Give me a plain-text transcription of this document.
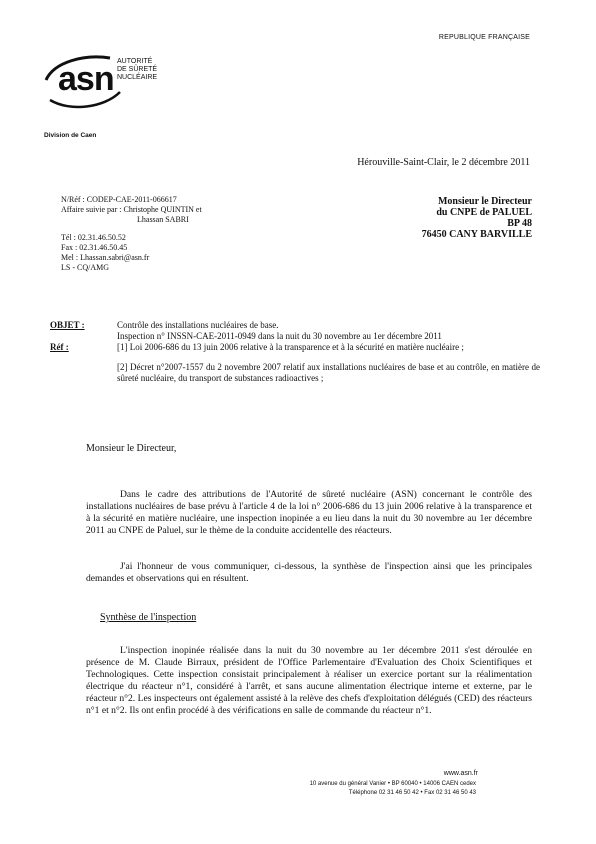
REPUBLIQUE FRANÇAISE
asn AUTORITÉ
DE SÛRETÉ
NUCLÉAIRE
Division de Caen
Hérouville-Saint-Clair, le 2 décembre 2011
N/Réf : CODEP-CAE-2011-066617
Affaire suivie par : Christophe QUINTIN et
Lhassan SABRI
Tél : 02.31.46.50.52
Fax : 02.31.46.50.45
Mel : Lhassan.sabri@asn.fr
LS - CQ/AMG
Monsieur le Directeur
du CNPE de PALUEL
BP 48
76450 CANY BARVILLE
OBJET :	Contrôle des installations nucléaires de base.
Inspection n° INSSN-CAE-2011-0949 dans la nuit du 30 novembre au 1er décembre 2011
Réf :	[1] Loi 2006-686 du 13 juin 2006 relative à la transparence et à la sécurité en matière nucléaire ;
[2] Décret n°2007-1557 du 2 novembre 2007 relatif aux installations nucléaires de base et au contrôle, en matière de sûreté nucléaire, du transport de substances radioactives ;
Monsieur le Directeur,
Dans le cadre des attributions de l'Autorité de sûreté nucléaire (ASN) concernant le contrôle des installations nucléaires de base prévu à l'article 4 de la loi n° 2006-686 du 13 juin 2006 relative à la transparence et à la sécurité en matière nucléaire, une inspection inopinée a eu lieu dans la nuit du 30 novembre au 1er décembre 2011 au CNPE de Paluel, sur le thème de la conduite accidentelle des réacteurs.
J'ai l'honneur de vous communiquer, ci-dessous, la synthèse de l'inspection ainsi que les principales demandes et observations qui en résultent.
Synthèse de l'inspection
L'inspection inopinée réalisée dans la nuit du 30 novembre au 1er décembre 2011 s'est déroulée en présence de M. Claude Birraux, président de l'Office Parlementaire d'Evaluation des Choix Scientifiques et Technologiques. Cette inspection consistait principalement à réaliser un exercice portant sur la réalimentation électrique du réacteur n°1, considéré à l'arrêt, et sans aucune alimentation électrique interne et externe, par le réacteur n°2. Les inspecteurs ont également assisté à la relève des chefs d'exploitation délégués (CED) des réacteurs n°1 et n°2. Ils ont enfin procédé à des vérifications en salle de commande du réacteur n°1.
www.asn.fr
10 avenue du général Vanier • BP 60040 • 14006 CAEN cedex
Téléphone 02 31 46 50 42 • Fax 02 31 46 50 43
